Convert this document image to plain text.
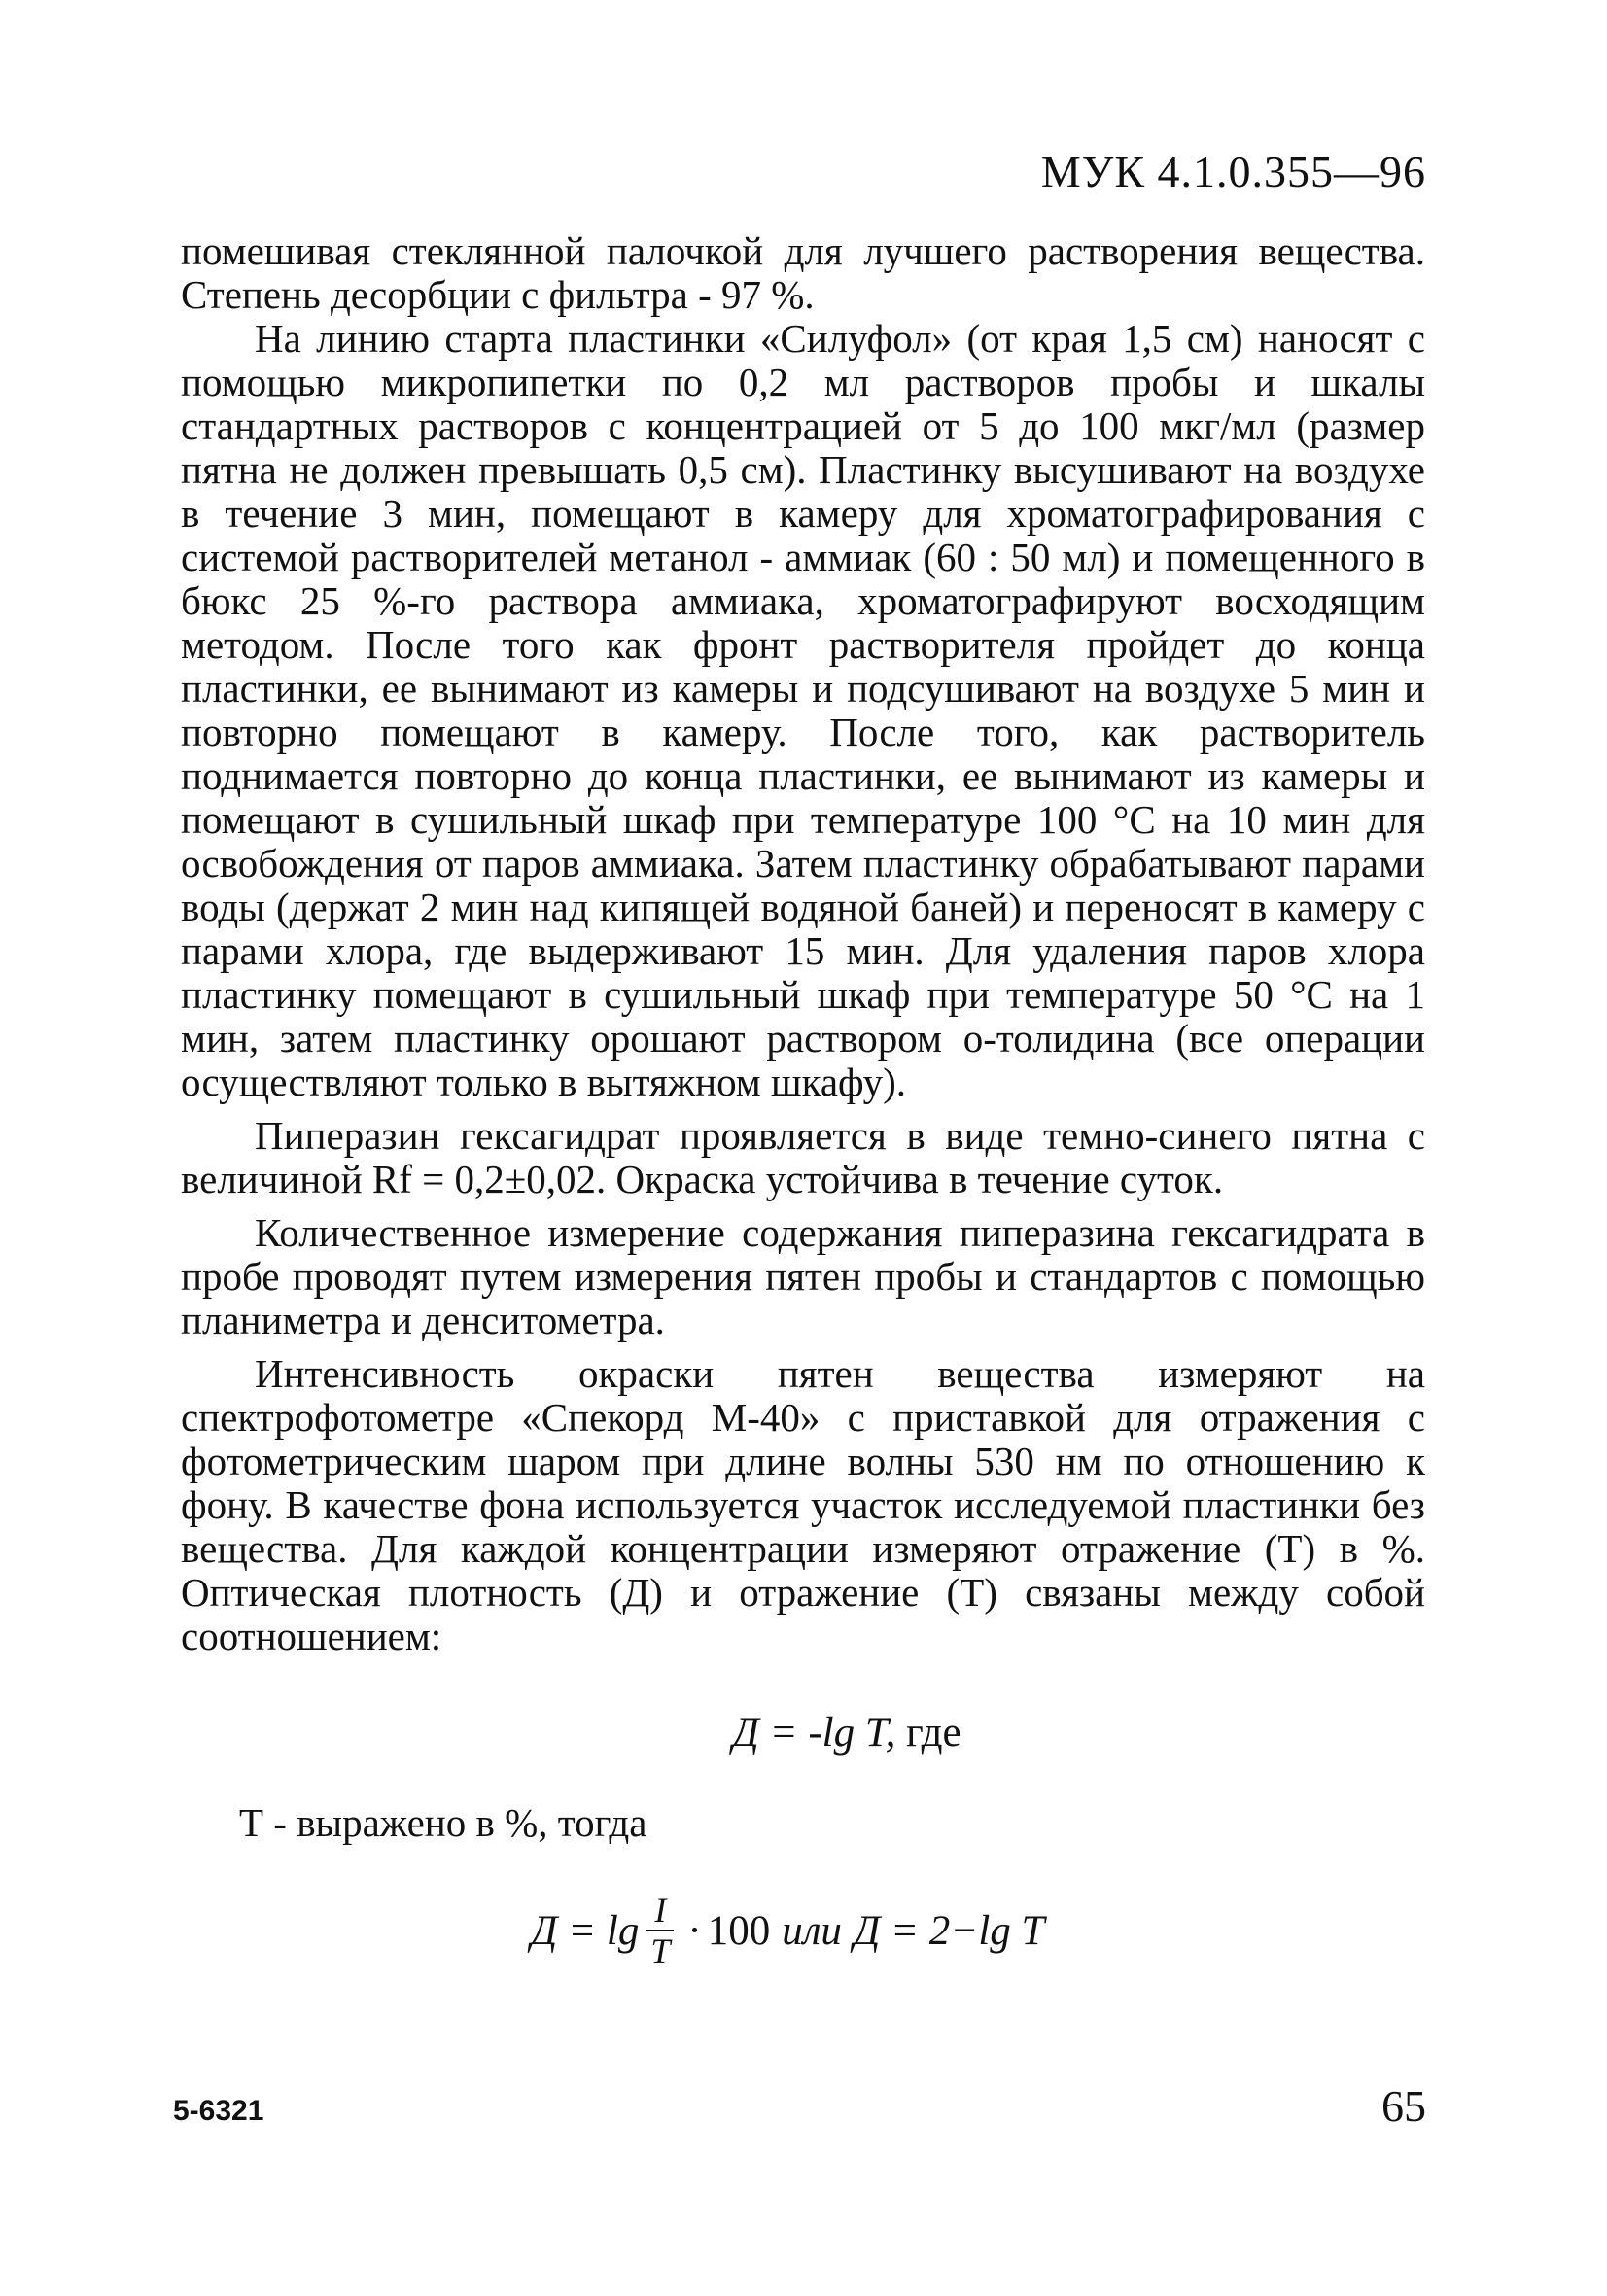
МУК 4.1.0.355—96

помешивая стеклянной палочкой для лучшего растворения вещества. Степень десорбции с фильтра - 97 %.

На линию старта пластинки «Силуфол» (от края 1,5 см) наносят с помощью микропипетки по 0,2 мл растворов пробы и шкалы стандартных растворов с концентрацией от 5 до 100 мкг/мл (размер пятна не должен превышать 0,5 см). Пластинку высушивают на воздухе в течение 3 мин, помещают в камеру для хроматографирования с системой растворителей метанол - аммиак (60 : 50 мл) и помещенного в бюкс 25 %-го раствора аммиака, хроматографируют восходящим методом. После того как фронт растворителя пройдет до конца пластинки, ее вынимают из камеры и подсушивают на воздухе 5 мин и повторно помещают в камеру. После того, как растворитель поднимается повторно до конца пластинки, ее вынимают из камеры и помещают в сушильный шкаф при температуре 100 °С на 10 мин для освобождения от паров аммиака. Затем пластинку обрабатывают парами воды (держат 2 мин над кипящей водяной баней) и переносят в камеру с парами хлора, где выдерживают 15 мин. Для удаления паров хлора пластинку помещают в сушильный шкаф при температуре 50 °С на 1 мин, затем пластинку орошают раствором о-толидина (все операции осуществляют только в вытяжном шкафу).

Пиперазин гексагидрат проявляется в виде темно-синего пятна с величиной Rf = 0,2±0,02. Окраска устойчива в течение суток.

Количественное измерение содержания пиперазина гексагидрата в пробе проводят путем измерения пятен пробы и стандартов с помощью планиметра и денситометра.

Интенсивность окраски пятен вещества измеряют на спектрофотометре «Спекорд М-40» с приставкой для отражения с фотометрическим шаром при длине волны 530 нм по отношению к фону. В качестве фона используется участок исследуемой пластинки без вещества. Для каждой концентрации измеряют отражение (Т) в %. Оптическая плотность (Д) и отражение (Т) связаны между собой соотношением:

Д = -lg T, где
Т - выражено в %, тогда
$Д = \lg \frac{I}{T} \cdot 100$ или Д = 2−lg T
5-6321	65
